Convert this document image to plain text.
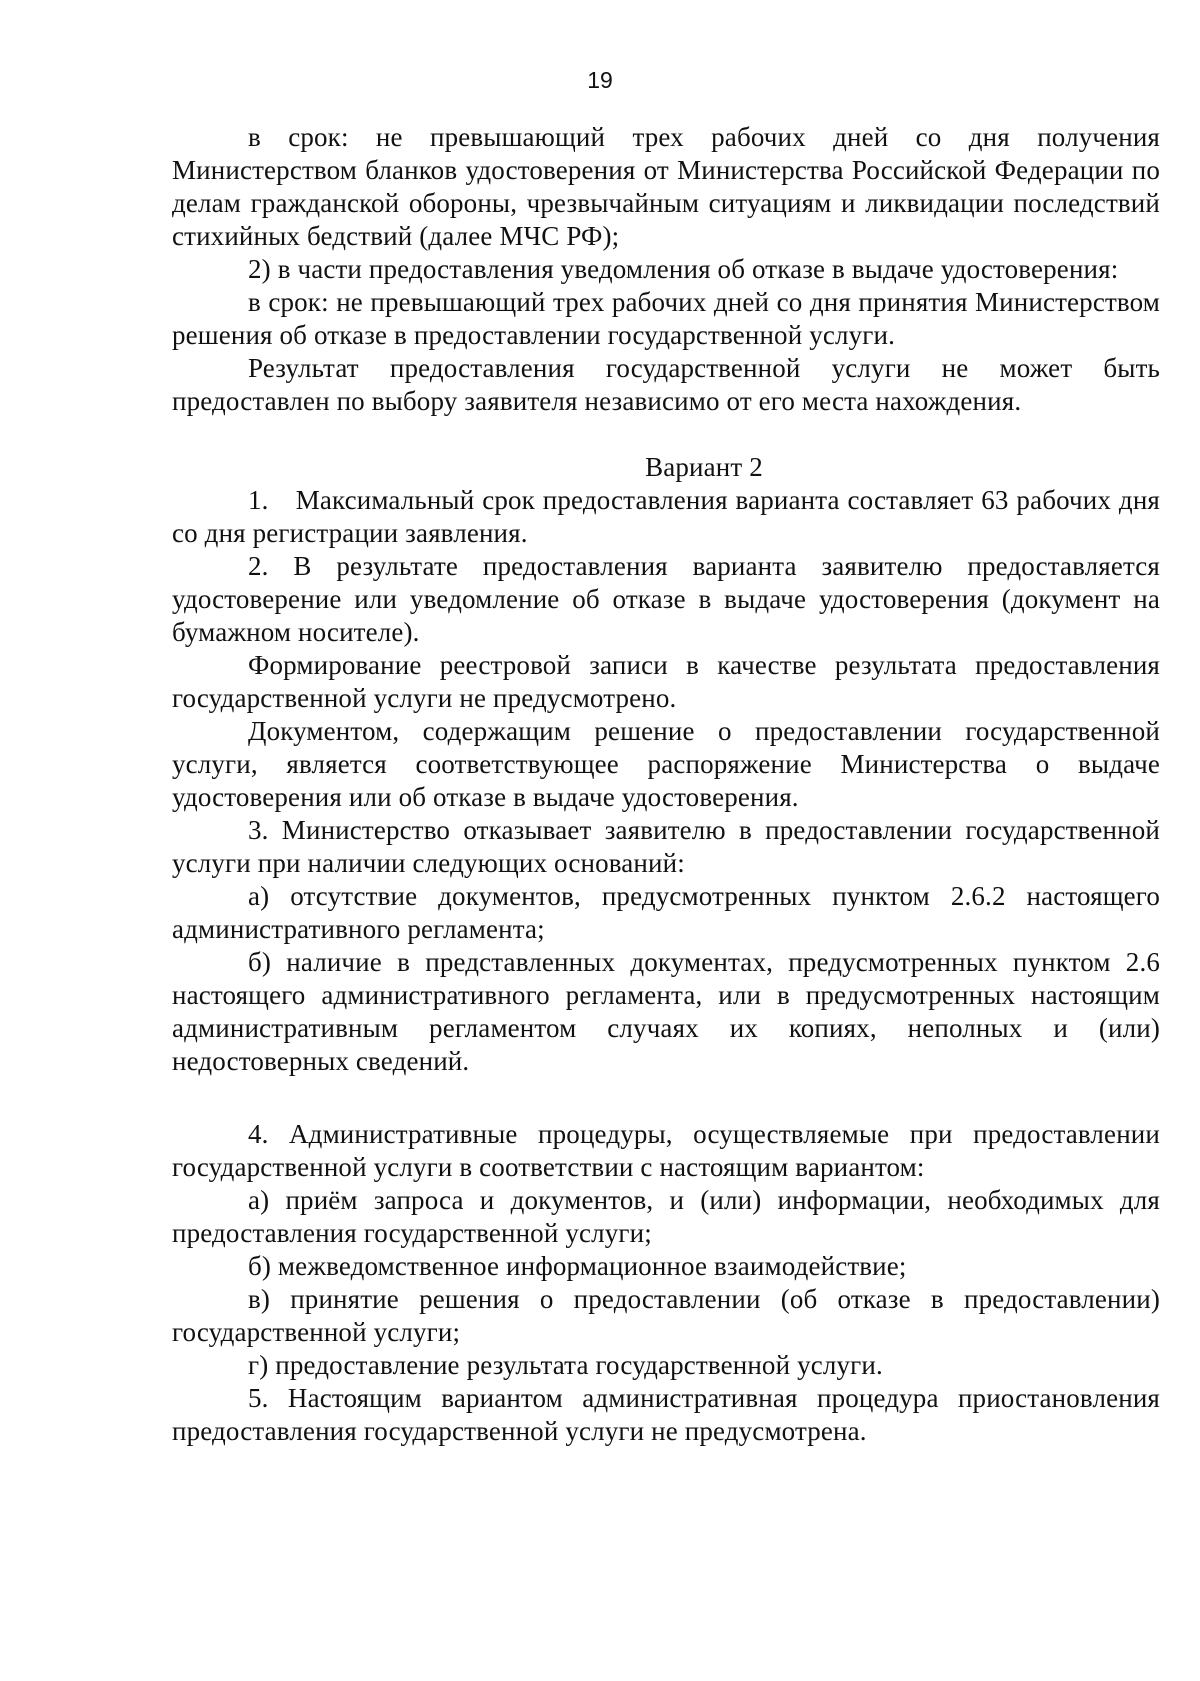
19

в срок: не превышающий трех рабочих дней со дня получения Министерством бланков удостоверения от Министерства Российской Федерации по делам гражданской обороны, чрезвычайным ситуациям и ликвидации последствий стихийных бедствий (далее МЧС РФ);

2) в части предоставления уведомления об отказе в выдаче удостоверения:

в срок: не превышающий трех рабочих дней со дня принятия Министерством решения об отказе в предоставлении государственной услуги.

Результат предоставления государственной услуги не может быть предоставлен по выбору заявителя независимо от его места нахождения.

Вариант 2

1. Максимальный срок предоставления варианта составляет 63 рабочих дня со дня регистрации заявления.

2. В результате предоставления варианта заявителю предоставляется удостоверение или уведомление об отказе в выдаче удостоверения (документ на бумажном носителе).

Формирование реестровой записи в качестве результата предоставления государственной услуги не предусмотрено.

Документом, содержащим решение о предоставлении государственной услуги, является соответствующее распоряжение Министерства о выдаче удостоверения или об отказе в выдаче удостоверения.

3. Министерство отказывает заявителю в предоставлении государственной услуги при наличии следующих оснований:

а) отсутствие документов, предусмотренных пунктом 2.6.2 настоящего административного регламента;

б) наличие в представленных документах, предусмотренных пунктом 2.6 настоящего административного регламента, или в предусмотренных настоящим административным регламентом случаях их копиях, неполных и (или) недостоверных сведений.

4. Административные процедуры, осуществляемые при предоставлении государственной услуги в соответствии с настоящим вариантом:

а) приём запроса и документов, и (или) информации, необходимых для предоставления государственной услуги;

б) межведомственное информационное взаимодействие;

в) принятие решения о предоставлении (об отказе в предоставлении) государственной услуги;

г) предоставление результата государственной услуги.

5. Настоящим вариантом административная процедура приостановления предоставления государственной услуги не предусмотрена.
